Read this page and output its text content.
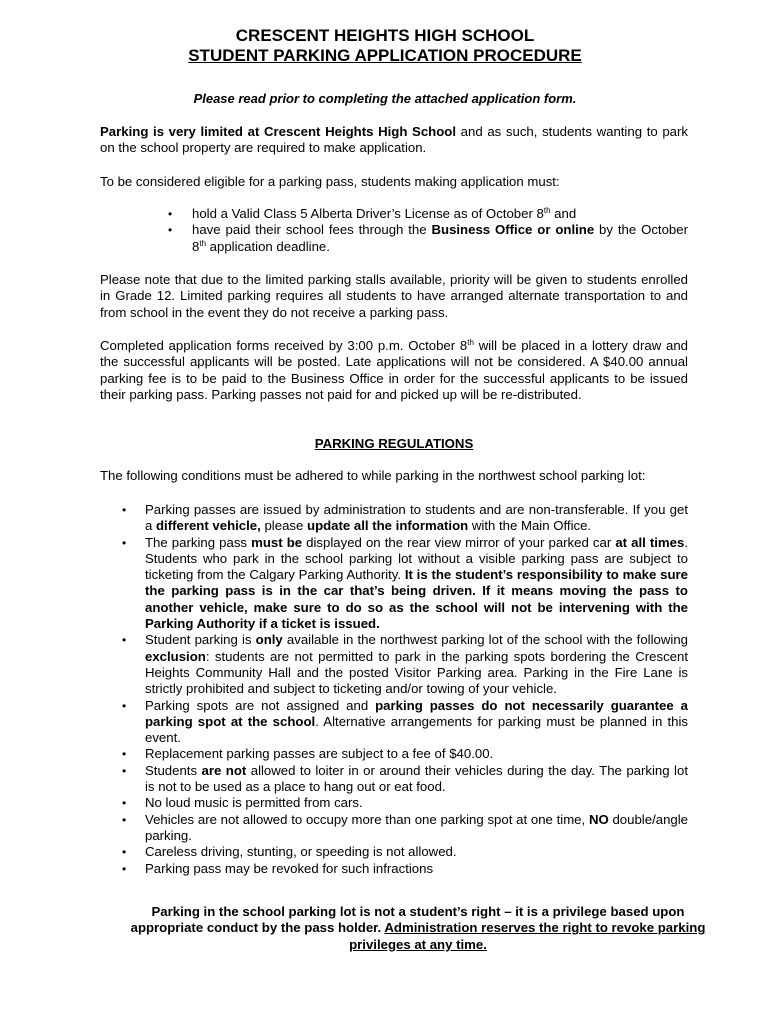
CRESCENT HEIGHTS HIGH SCHOOL
STUDENT PARKING APPLICATION PROCEDURE
Please read prior to completing the attached application form.

Parking is very limited at Crescent Heights High School and as such, students wanting to park on the school property are required to make application.

To be considered eligible for a parking pass, students making application must:

• hold a Valid Class 5 Alberta Driver’s License as of October 8th and
• have paid their school fees through the Business Office or online by the October 8th application deadline.

Please note that due to the limited parking stalls available, priority will be given to students enrolled in Grade 12. Limited parking requires all students to have arranged alternate transportation to and from school in the event they do not receive a parking pass.

Completed application forms received by 3:00 p.m. October 8th will be placed in a lottery draw and the successful applicants will be posted. Late applications will not be considered. A $40.00 annual parking fee is to be paid to the Business Office in order for the successful applicants to be issued their parking pass. Parking passes not paid for and picked up will be re-distributed.

PARKING REGULATIONS

The following conditions must be adhered to while parking in the northwest school parking lot:

• Parking passes are issued by administration to students and are non-transferable. If you get a different vehicle, please update all the information with the Main Office.
• The parking pass must be displayed on the rear view mirror of your parked car at all times. Students who park in the school parking lot without a visible parking pass are subject to ticketing from the Calgary Parking Authority. It is the student’s responsibility to make sure the parking pass is in the car that’s being driven. If it means moving the pass to another vehicle, make sure to do so as the school will not be intervening with the Parking Authority if a ticket is issued.
• Student parking is only available in the northwest parking lot of the school with the following exclusion: students are not permitted to park in the parking spots bordering the Crescent Heights Community Hall and the posted Visitor Parking area. Parking in the Fire Lane is strictly prohibited and subject to ticketing and/or towing of your vehicle.
• Parking spots are not assigned and parking passes do not necessarily guarantee a parking spot at the school. Alternative arrangements for parking must be planned in this event.
• Replacement parking passes are subject to a fee of $40.00.
• Students are not allowed to loiter in or around their vehicles during the day. The parking lot is not to be used as a place to hang out or eat food.
• No loud music is permitted from cars.
• Vehicles are not allowed to occupy more than one parking spot at one time, NO double/angle parking.
• Careless driving, stunting, or speeding is not allowed.
• Parking pass may be revoked for such infractions

Parking in the school parking lot is not a student’s right – it is a privilege based upon appropriate conduct by the pass holder. Administration reserves the right to revoke parking privileges at any time.
